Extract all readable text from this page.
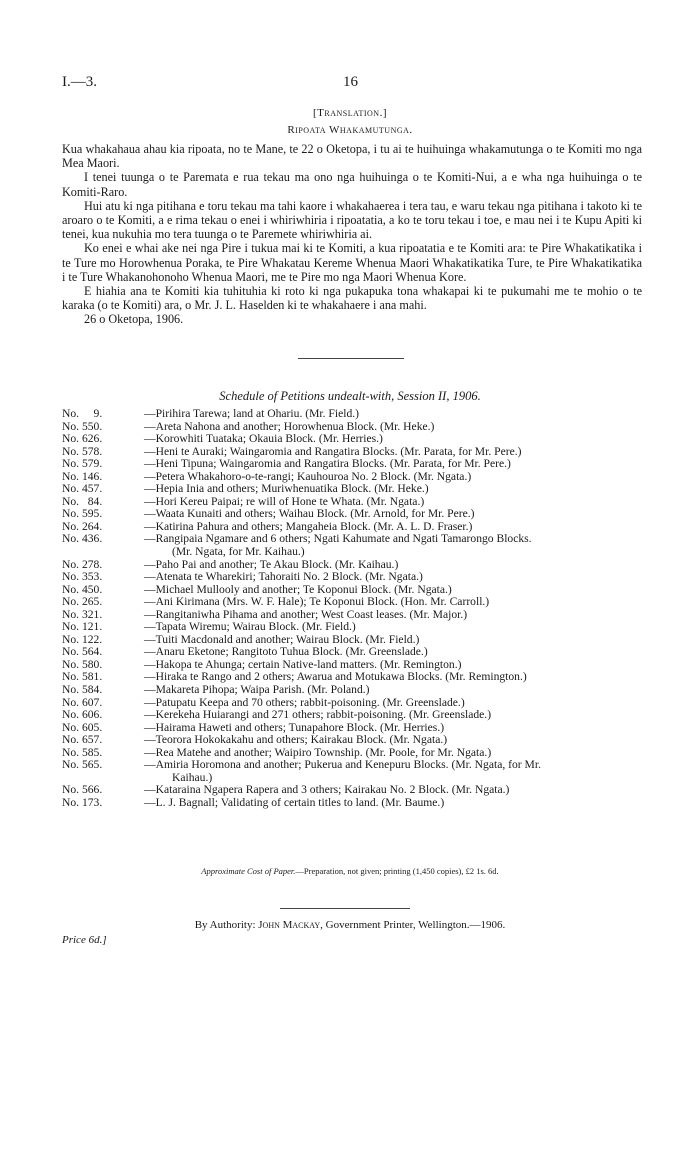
I.—3.	16
[Translation.]
Ripoata Whakamutunga.

Kua whakahaua ahau kia ripoata, no te Mane, te 22 o Oketopa, i tu ai te huihuinga whakamutunga o te Komiti mo nga Mea Maori.

I tenei tuunga o te Paremata e rua tekau ma ono nga huihuinga o te Komiti-Nui, a e wha nga huihuinga o te Komiti-Raro.

Hui atu ki nga pitihana e toru tekau ma tahi kaore i whakahaerea i tera tau, e waru tekau nga pitihana i takoto ki te aroaro o te Komiti, a e rima tekau o enei i whiriwhiria i ripoatatia, a ko te toru tekau i toe, e mau nei i te Kupu Apiti ki tenei, kua nukuhia mo tera tuunga o te Paremete whiriwhiria ai.

Ko enei e whai ake nei nga Pire i tukua mai ki te Komiti, a kua ripoatatia e te Komiti ara: te Pire Whakatikatika i te Ture mo Horowhenua Poraka, te Pire Whakatau Kereme Whenua Maori Whakatikatika Ture, te Pire Whakatikatika i te Ture Whakanohonoho Whenua Maori, me te Pire mo nga Maori Whenua Kore.

E hiahia ana te Komiti kia tuhituhia ki roto ki nga pukapuka tona whakapai ki te pukumahi me te mohio o te karaka (o te Komiti) ara, o Mr. J. L. Haselden ki te whakahaere i ana mahi.

26 o Oketopa, 1906.

Schedule of Petitions undealt-with, Session II, 1906.
No.     9.	—Pirihira Tarewa; land at Ohariu. (Mr. Field.)
No. 550.	—Areta Nahona and another; Horowhenua Block. (Mr. Heke.)
No. 626.	—Korowhiti Tuataka; Okauia Block. (Mr. Herries.)
No. 578.	—Heni te Auraki; Waingaromia and Rangatira Blocks. (Mr. Parata, for Mr. Pere.)
No. 579.	—Heni Tipuna; Waingaromia and Rangatira Blocks. (Mr. Parata, for Mr. Pere.)
No. 146.	—Petera Whakahoro-o-te-rangi; Kauhouroa No. 2 Block. (Mr. Ngata.)
No. 457.	—Hepia Inia and others; Muriwhenuatika Block. (Mr. Heke.)
No.   84.	—Hori Kereu Paipai; re will of Hone te Whata. (Mr. Ngata.)
No. 595.	—Waata Kunaiti and others; Waihau Block. (Mr. Arnold, for Mr. Pere.)
No. 264.	—Katirina Pahura and others; Mangaheia Block. (Mr. A. L. D. Fraser.)
No. 436.	—Rangipaia Ngamare and 6 others; Ngati Kahumate and Ngati Tamarongo Blocks.
(Mr. Ngata, for Mr. Kaihau.)
No. 278.	—Paho Pai and another; Te Akau Block. (Mr. Kaihau.)
No. 353.	—Atenata te Wharekiri; Tahoraiti No. 2 Block. (Mr. Ngata.)
No. 450.	—Michael Mullooly and another; Te Koponui Block. (Mr. Ngata.)
No. 265.	—Ani Kirimana (Mrs. W. F. Hale); Te Koponui Block. (Hon. Mr. Carroll.)
No. 321.	—Rangitaniwha Pihama and another; West Coast leases. (Mr. Major.)
No. 121.	—Tapata Wiremu; Wairau Block. (Mr. Field.)
No. 122.	—Tuiti Macdonald and another; Wairau Block. (Mr. Field.)
No. 564.	—Anaru Eketone; Rangitoto Tuhua Block. (Mr. Greenslade.)
No. 580.	—Hakopa te Ahunga; certain Native-land matters. (Mr. Remington.)
No. 581.	—Hiraka te Rango and 2 others; Awarua and Motukawa Blocks. (Mr. Remington.)
No. 584.	—Makareta Pihopa; Waipa Parish. (Mr. Poland.)
No. 607.	—Patupatu Keepa and 70 others; rabbit-poisoning. (Mr. Greenslade.)
No. 606.	—Kerekeha Huiarangi and 271 others; rabbit-poisoning. (Mr. Greenslade.)
No. 605.	—Hairama Haweti and others; Tunapahore Block. (Mr. Herries.)
No. 657.	—Teorora Hokokakahu and others; Kairakau Block. (Mr. Ngata.)
No. 585.	—Rea Matehe and another; Waipiro Township. (Mr. Poole, for Mr. Ngata.)
No. 565.	—Amiria Horomona and another; Pukerua and Kenepuru Blocks. (Mr. Ngata, for Mr.
Kaihau.)
No. 566.	—Kataraina Ngapera Rapera and 3 others; Kairakau No. 2 Block. (Mr. Ngata.)
No. 173.	—L. J. Bagnall; Validating of certain titles to land. (Mr. Baume.)
Approximate Cost of Paper.—Preparation, not given; printing (1,450 copies), £2 1s. 6d.
By Authority: John Mackay, Government Printer, Wellington.—1906.
Price 6d.]
